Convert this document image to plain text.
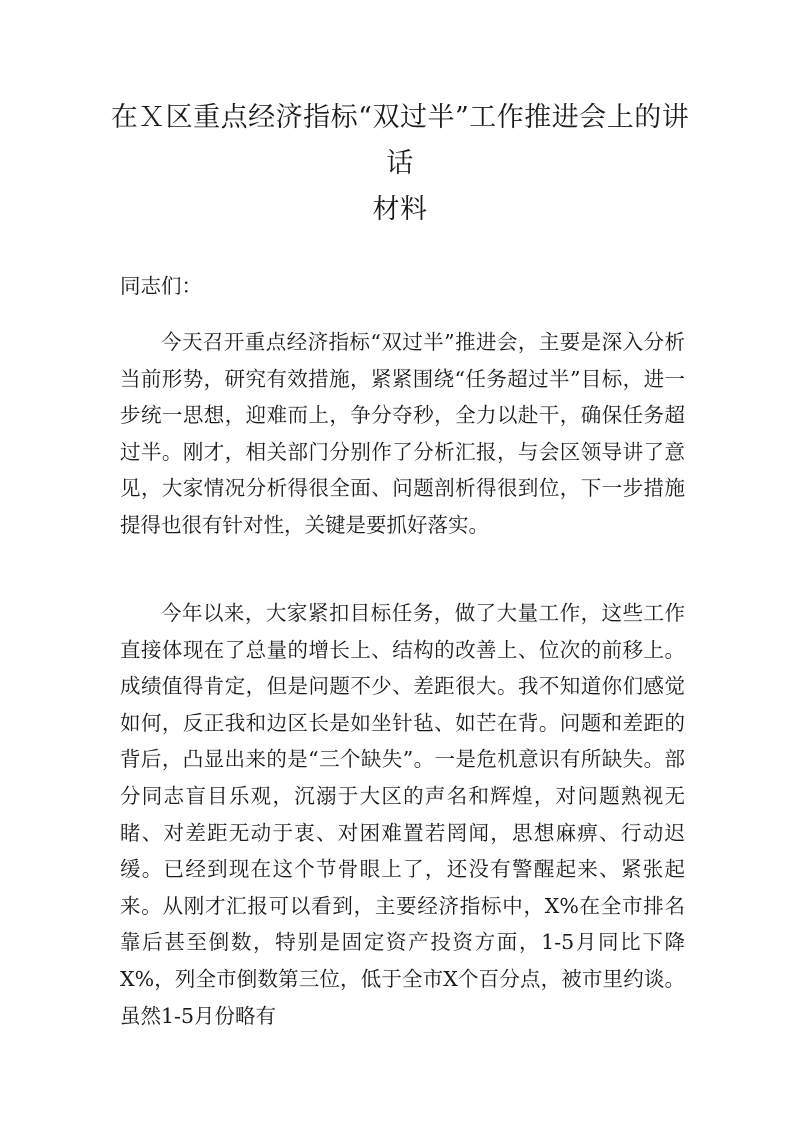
在Ｘ区重点经济指标“双过半”工作推进会上的讲话
材料

同志们：

今天召开重点经济指标“双过半”推进会，主要是深入分析当前形势，研究有效措施，紧紧围绕“任务超过半”目标，进一步统一思想，迎难而上，争分夺秒，全力以赴干，确保任务超过半。刚才，相关部门分别作了分析汇报，与会区领导讲了意见，大家情况分析得很全面、问题剖析得很到位，下一步措施提得也很有针对性，关键是要抓好落实。

今年以来，大家紧扣目标任务，做了大量工作，这些工作直接体现在了总量的增长上、结构的改善上、位次的前移上。成绩值得肯定，但是问题不少、差距很大。我不知道你们感觉如何，反正我和边区长是如坐针毡、如芒在背。问题和差距的背后，凸显出来的是“三个缺失”。一是危机意识有所缺失。部分同志盲目乐观，沉溺于大区的声名和辉煌，对问题熟视无睹、对差距无动于衷、对困难置若罔闻，思想麻痹、行动迟缓。已经到现在这个节骨眼上了，还没有警醒起来、紧张起来。从刚才汇报可以看到，主要经济指标中，X%在全市排名靠后甚至倒数，特别是固定资产投资方面，1-5月同比下降X%，列全市倒数第三位，低于全市X个百分点，被市里约谈。虽然1-5月份略有
